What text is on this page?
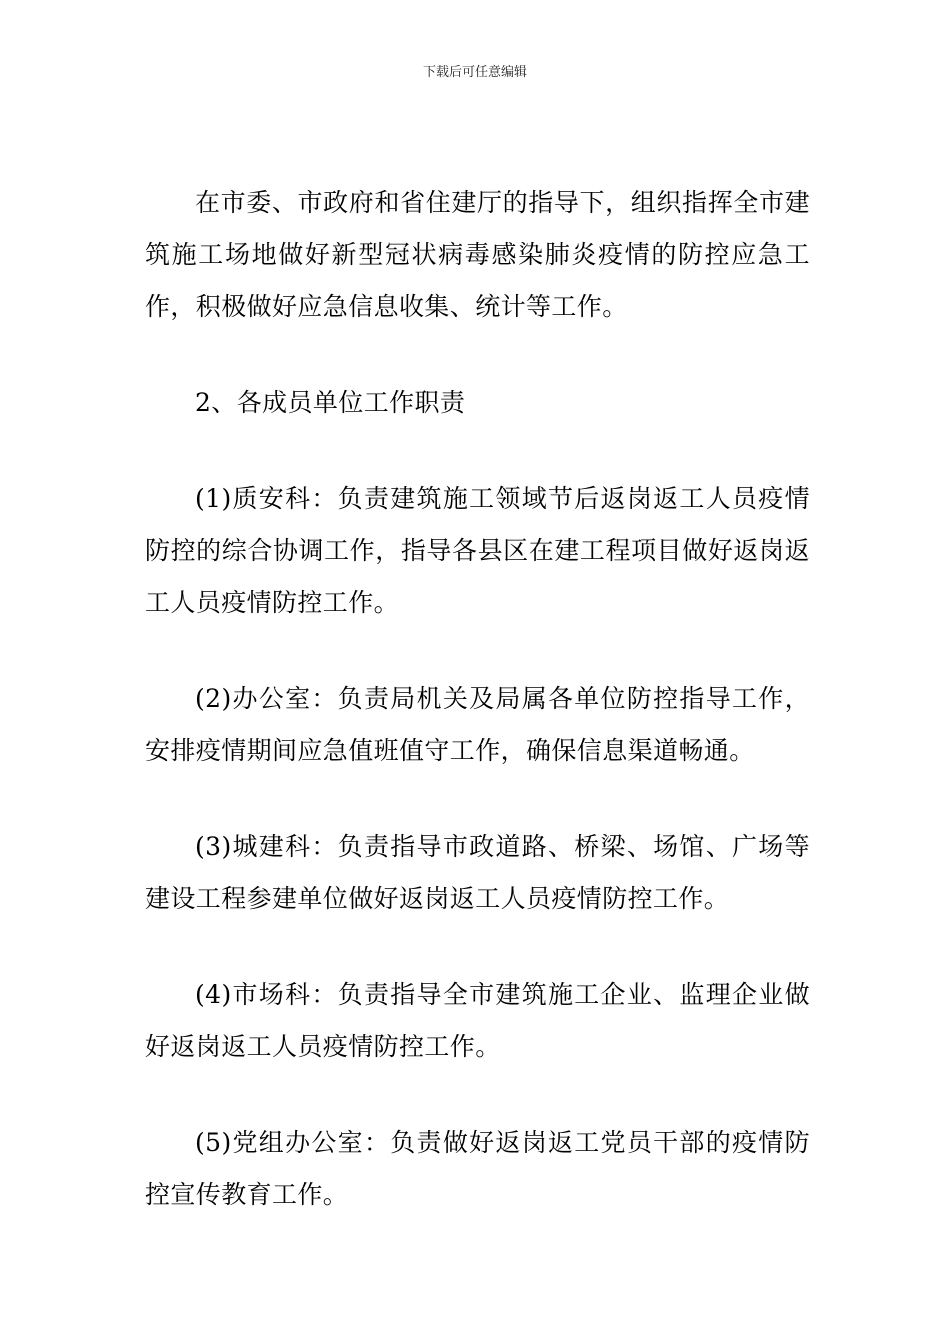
下载后可任意编辑

在市委、市政府和省住建厅的指导下，组织指挥全市建筑施工场地做好新型冠状病毒感染肺炎疫情的防控应急工作，积极做好应急信息收集、统计等工作。

2、各成员单位工作职责

(1)质安科：负责建筑施工领域节后返岗返工人员疫情防控的综合协调工作，指导各县区在建工程项目做好返岗返工人员疫情防控工作。

(2)办公室：负责局机关及局属各单位防控指导工作，安排疫情期间应急值班值守工作，确保信息渠道畅通。

(3)城建科：负责指导市政道路、桥梁、场馆、广场等建设工程参建单位做好返岗返工人员疫情防控工作。

(4)市场科：负责指导全市建筑施工企业、监理企业做好返岗返工人员疫情防控工作。

(5)党组办公室：负责做好返岗返工党员干部的疫情防控宣传教育工作。
